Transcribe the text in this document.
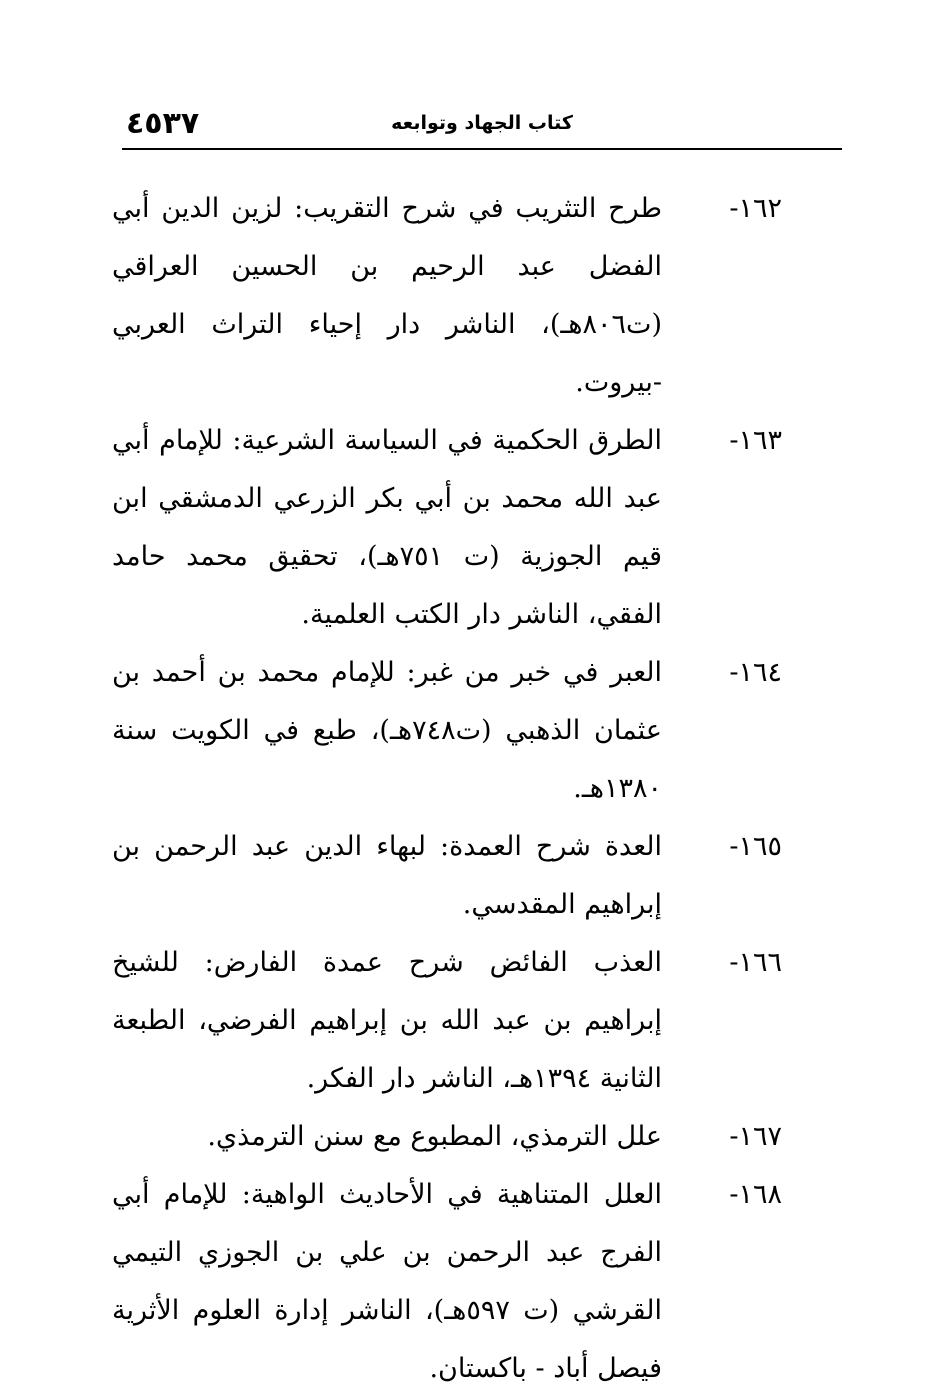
كتاب الجهاد وتوابعه
٤٥٣٧
١٦٢-
طرح التثريب في شرح التقريب: لزين الدين أبي الفضل عبد الرحيم بن الحسين العراقي (ت٨٠٦هـ)، الناشر دار إحياء التراث العربي -بيروت.
١٦٣-
الطرق الحكمية في السياسة الشرعية: للإمام أبي عبد الله محمد بن أبي بكر الزرعي الدمشقي ابن قيم الجوزية (ت ٧٥١هـ)، تحقيق محمد حامد الفقي، الناشر دار الكتب العلمية.
١٦٤-
العبر في خبر من غبر: للإمام محمد بن أحمد بن عثمان الذهبي (ت٧٤٨هـ)، طبع في الكويت سنة ١٣٨٠هـ.
١٦٥-
العدة شرح العمدة: لبهاء الدين عبد الرحمن بن إبراهيم المقدسي.
١٦٦-
العذب الفائض شرح عمدة الفارض: للشيخ إبراهيم بن عبد الله بن إبراهيم الفرضي، الطبعة الثانية ١٣٩٤هـ، الناشر دار الفكر.
١٦٧-
علل الترمذي، المطبوع مع سنن الترمذي.
١٦٨-
العلل المتناهية في الأحاديث الواهية: للإمام أبي الفرج عبد الرحمن بن علي بن الجوزي التيمي القرشي (ت ٥٩٧هـ)، الناشر إدارة العلوم الأثرية فيصل أباد - باكستان.
